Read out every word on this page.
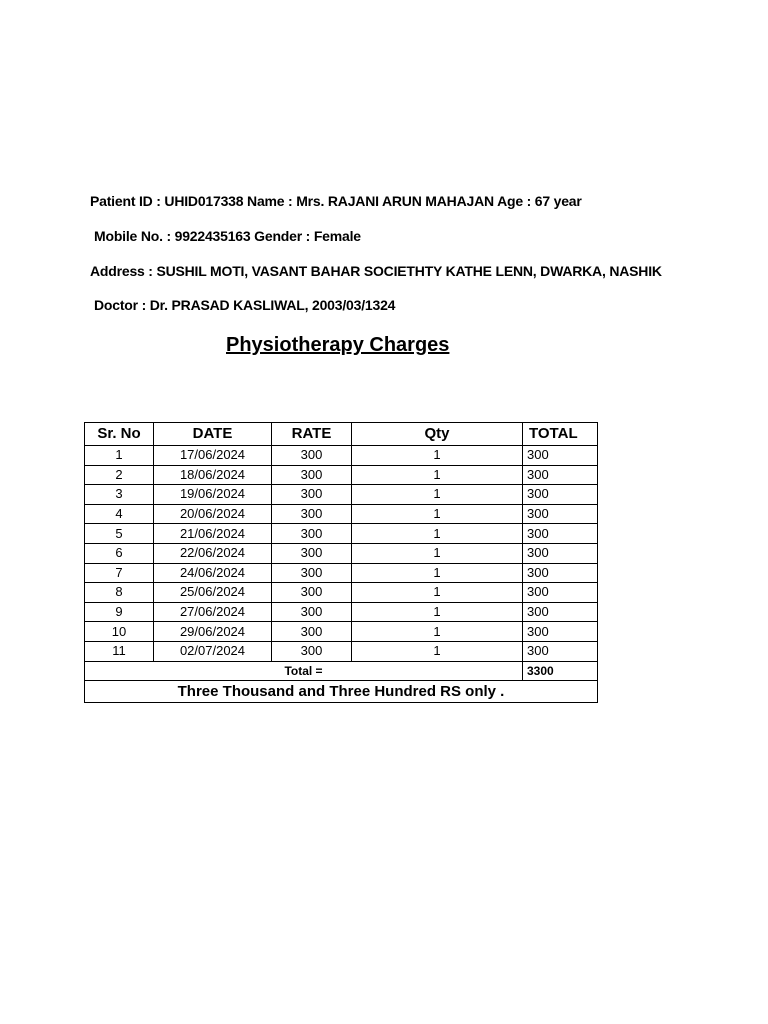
Patient ID : UHID017338 Name : Mrs. RAJANI ARUN MAHAJAN Age : 67 year
Mobile No. : 9922435163 Gender : Female
Address : SUSHIL MOTI, VASANT BAHAR SOCIETHTY KATHE LENN, DWARKA, NASHIK
Doctor : Dr. PRASAD KASLIWAL, 2003/03/1324
Physiotherapy Charges
Sr. No	DATE	RATE	Qty	TOTAL
1	17/06/2024	300	1	300
2	18/06/2024	300	1	300
3	19/06/2024	300	1	300
4	20/06/2024	300	1	300
5	21/06/2024	300	1	300
6	22/06/2024	300	1	300
7	24/06/2024	300	1	300
8	25/06/2024	300	1	300
9	27/06/2024	300	1	300
10	29/06/2024	300	1	300
11	02/07/2024	300	1	300
Total =				3300
Three Thousand and Three Hundred RS only .				
